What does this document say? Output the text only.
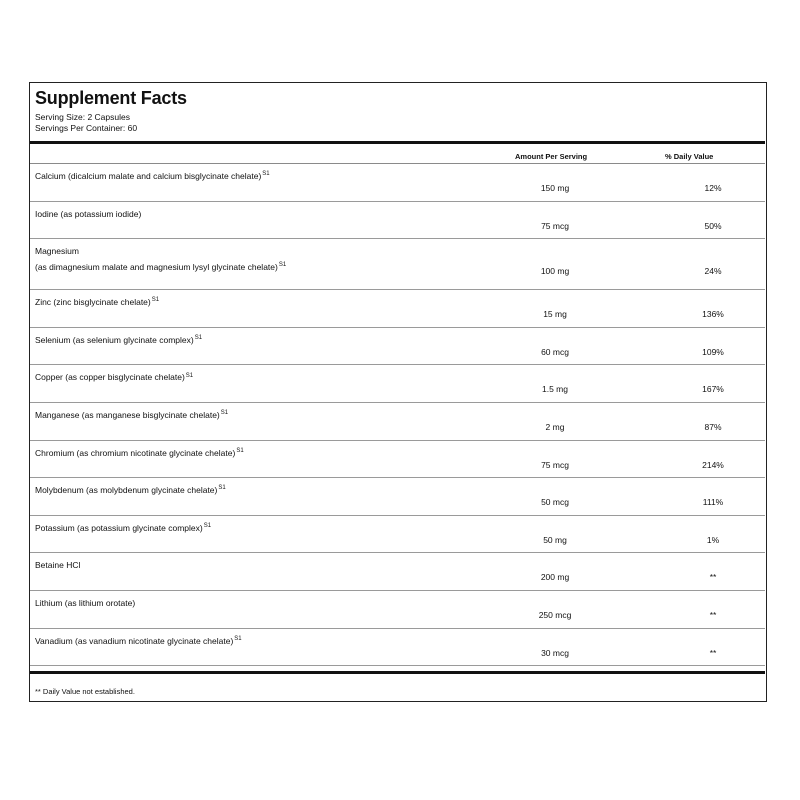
Supplement Facts
Serving Size: 2 Capsules
Servings Per Container: 60
Amount Per Serving	% Daily Value
Calcium (dicalcium malate and calcium bisglycinate chelate)$^{S1}$
150 mg	12%
Iodine (as potassium iodide)
75 mcg	50%
Magnesium
(as dimagnesium malate and magnesium lysyl glycinate chelate)$^{S1}$
100 mg	24%
Zinc (zinc bisglycinate chelate)$^{S1}$
15 mg	136%
Selenium (as selenium glycinate complex)$^{S1}$
60 mcg	109%
Copper (as copper bisglycinate chelate)$^{S1}$
1.5 mg	167%
Manganese (as manganese bisglycinate chelate)$^{S1}$
2 mg	87%
Chromium (as chromium nicotinate glycinate chelate)$^{S1}$
75 mcg	214%
Molybdenum (as molybdenum glycinate chelate)$^{S1}$
50 mcg	111%
Potassium (as potassium glycinate complex)$^{S1}$
50 mg	1%
Betaine HCl
200 mg	**
Lithium (as lithium orotate)
250 mcg	**
Vanadium (as vanadium nicotinate glycinate chelate)$^{S1}$
30 mcg	**
** Daily Value not established.
